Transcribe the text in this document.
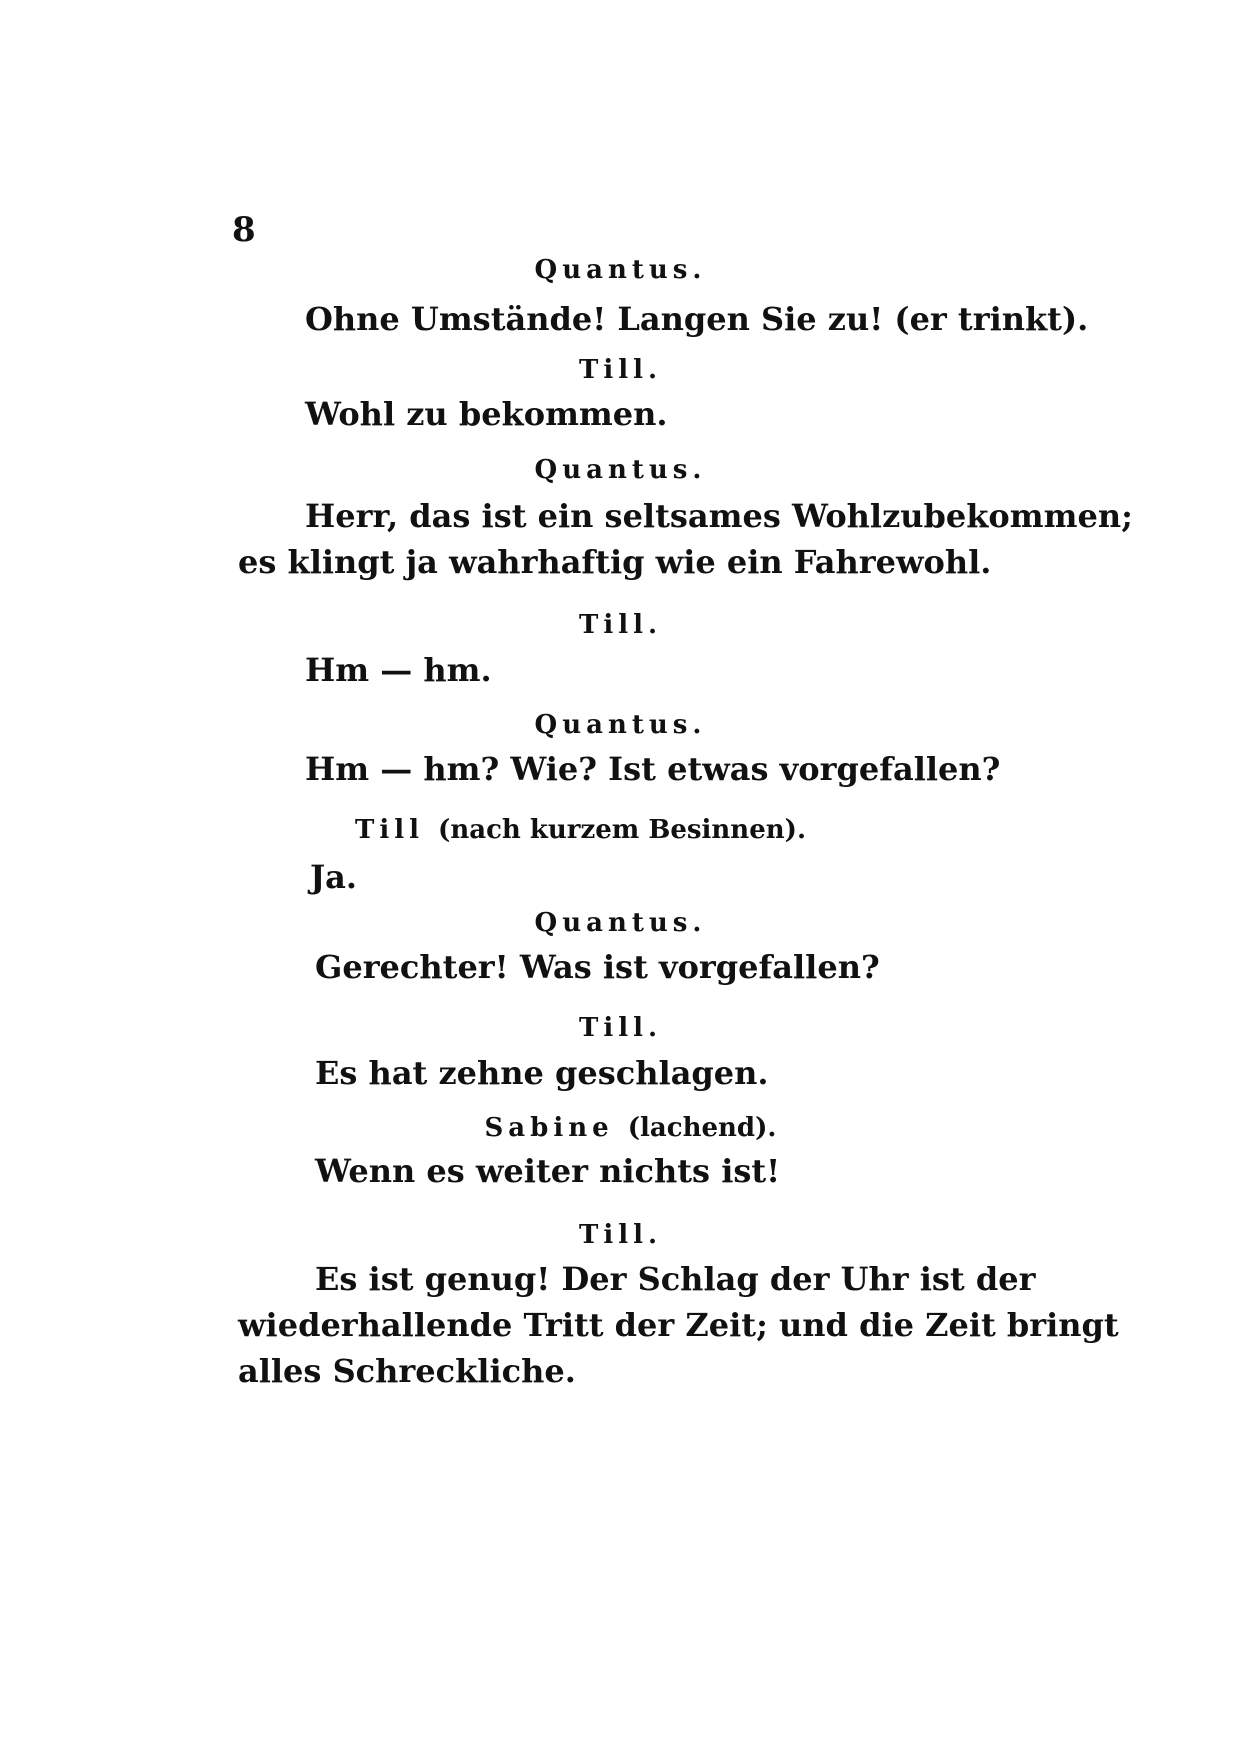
8
Quantus.
Ohne Umstände! Langen Sie zu! (er trinkt).
Till.
Wohl zu bekommen.
Quantus.
Herr, das ist ein seltsames Wohlzubekommen;
es klingt ja wahrhaftig wie ein Fahrewohl.
Till.
Hm — hm.
Quantus.
Hm — hm? Wie? Ist etwas vorgefallen?
Till (nach kurzem Besinnen).
Ja.
Quantus.
Gerechter! Was ist vorgefallen?
Till.
Es hat zehne geschlagen.
Sabine (lachend).
Wenn es weiter nichts ist!
Till.
Es ist genug! Der Schlag der Uhr ist der
wiederhallende Tritt der Zeit; und die Zeit bringt
alles Schreckliche.
